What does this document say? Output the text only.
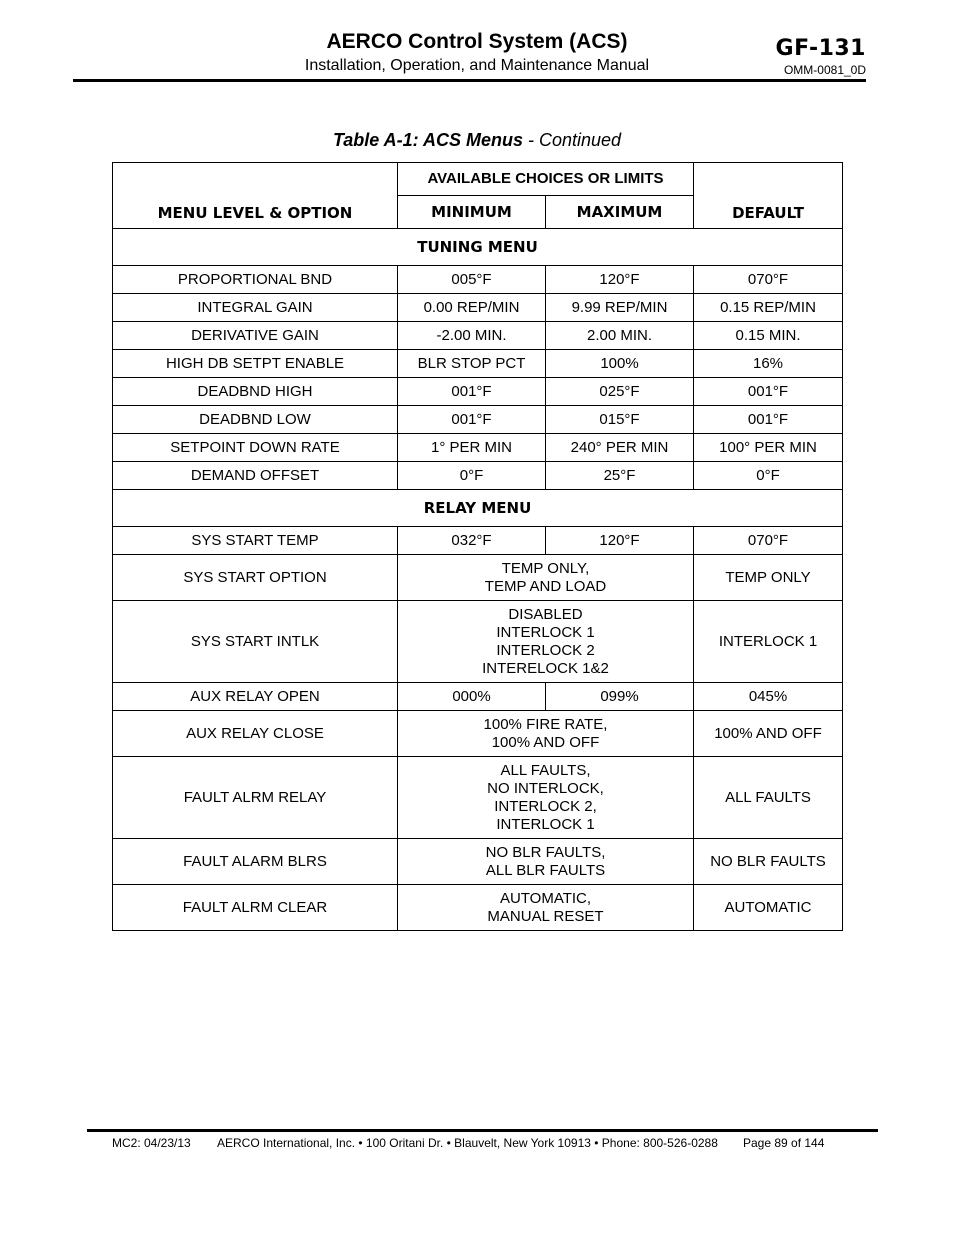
AERCO Control System (ACS)
Installation, Operation, and Maintenance Manual
GF-131
OMM-0081_0D
Table A-1: ACS Menus - Continued
MENU LEVEL & OPTION	AVAILABLE CHOICES OR LIMITS		DEFAULT
	MINIMUM	MAXIMUM	
TUNING MENU			
PROPORTIONAL BND	005°F	120°F	070°F
INTEGRAL GAIN	0.00 REP/MIN	9.99 REP/MIN	0.15 REP/MIN
DERIVATIVE GAIN	-2.00 MIN.	2.00 MIN.	0.15 MIN.
HIGH DB SETPT ENABLE	BLR STOP PCT	100%	16%
DEADBND HIGH	001°F	025°F	001°F
DEADBND LOW	001°F	015°F	001°F
SETPOINT DOWN RATE	1° PER MIN	240° PER MIN	100° PER MIN
DEMAND OFFSET	0°F	25°F	0°F
RELAY MENU			
SYS START TEMP	032°F	120°F	070°F
SYS START OPTION	TEMP ONLY,
TEMP AND LOAD		TEMP ONLY
SYS START INTLK	DISABLED
INTERLOCK 1
INTERLOCK 2
INTERELOCK 1&2		INTERLOCK 1
AUX RELAY OPEN	000%	099%	045%
AUX RELAY CLOSE	100% FIRE RATE,
100% AND OFF		100% AND OFF
FAULT ALRM RELAY	ALL FAULTS,
NO INTERLOCK,
INTERLOCK 2,
INTERLOCK 1		ALL FAULTS
FAULT ALARM BLRS	NO BLR FAULTS,
ALL BLR FAULTS		NO BLR FAULTS
FAULT ALRM CLEAR	AUTOMATIC,
MANUAL RESET		AUTOMATIC
MC2: 04/23/13 AERCO International, Inc. • 100 Oritani Dr. • Blauvelt, New York 10913 • Phone: 800-526-0288 Page 89 of 144
